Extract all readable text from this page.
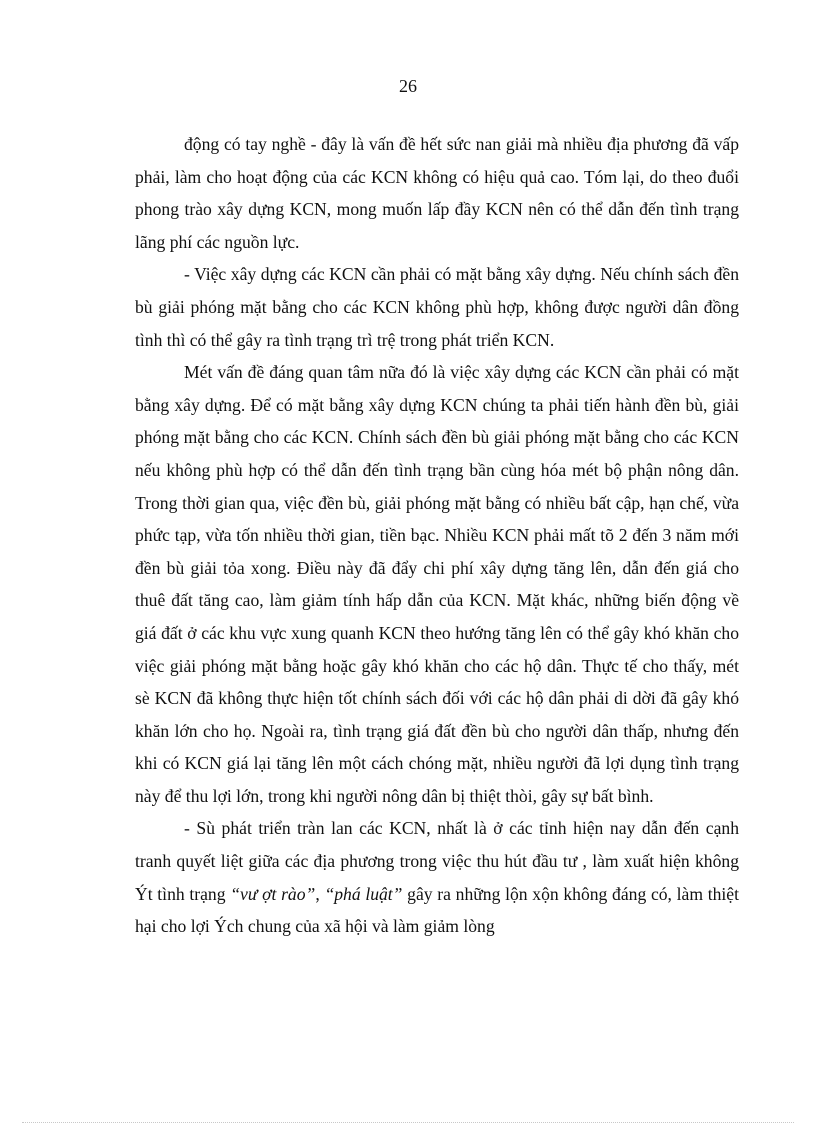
26

động có tay nghề - đây là vấn đề hết sức nan giải mà nhiều địa phương đã vấp phải, làm cho hoạt động của các KCN không có hiệu quả cao. Tóm lại, do theo đuổi phong trào xây dựng KCN, mong muốn lấp đầy KCN nên có thể dẫn đến tình trạng lãng phí các nguồn lực.

- Việc xây dựng các KCN cần phải có mặt bằng xây dựng. Nếu chính sách đền bù giải phóng mặt bằng cho các KCN không phù hợp, không được người dân đồng tình thì có thể gây ra tình trạng trì trệ trong phát triển KCN.

Mét vấn đề đáng quan tâm nữa đó là việc xây dựng các KCN cần phải có mặt bằng xây dựng. Để có mặt bằng xây dựng KCN chúng ta phải tiến hành đền bù, giải phóng mặt bằng cho các KCN. Chính sách đền bù giải phóng mặt bằng cho các KCN nếu không phù hợp có thể dẫn đến tình trạng bần cùng hóa mét bộ phận nông dân. Trong thời gian qua, việc đền bù, giải phóng mặt bằng có nhiều bất cập, hạn chế, vừa phức tạp, vừa tốn nhiều thời gian, tiền bạc. Nhiều KCN phải mất tõ 2 đến 3 năm mới đền bù giải tỏa xong. Điều này đã đẩy chi phí xây dựng tăng lên, dẫn đến giá cho thuê đất tăng cao, làm giảm tính hấp dẫn của KCN. Mặt khác, những biến động về giá đất ở các khu vực xung quanh KCN theo hướng tăng lên có thể gây khó khăn cho việc giải phóng mặt bằng hoặc gây khó khăn cho các hộ dân. Thực tế cho thấy, mét sè KCN đã không thực hiện tốt chính sách đối với các hộ dân phải di dời đã gây khó khăn lớn cho họ. Ngoài ra, tình trạng giá đất đền bù cho người dân thấp, nhưng đến khi có KCN giá lại tăng lên một cách chóng mặt, nhiều người đã lợi dụng tình trạng này để thu lợi lớn, trong khi người nông dân bị thiệt thòi, gây sự bất bình.

- Sù phát triển tràn lan các KCN, nhất là ở các tỉnh hiện nay dẫn đến cạnh tranh quyết liệt giữa các địa phương trong việc thu hút đầu tư , làm xuất hiện không Ýt tình trạng “vư ợt rào”, “phá luật” gây ra những lộn xộn không đáng có, làm thiệt hại cho lợi Ých chung của xã hội và làm giảm lòng
